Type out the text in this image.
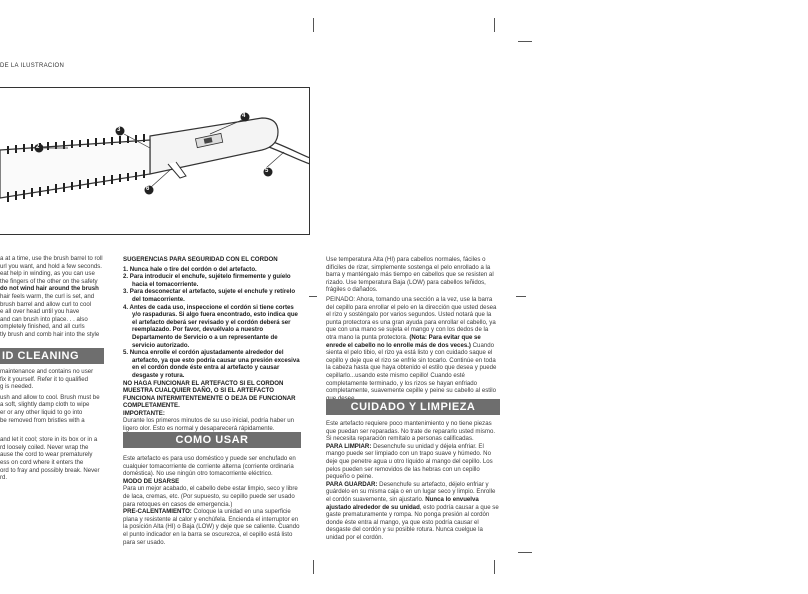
DE LA ILUSTRACION
2
3
4
5
6
a at a time, use the brush barrel to roll
url you want, and hold a few seconds.
eat help in winding, as you can use
the fingers of the other on the safety
do not wind hair around the brush
hair feels warm, the curl is set, and
brush barrel and allow curl to cool
e all over head until you have
and can brush into place. . . also
ompletely finished, and all curls
tly brush and comb hair into the style
ID CLEANING
maintenance and contains no user
fix it yourself. Refer it to qualified
g is needed.
ush and allow to cool. Brush must be
a soft, slightly damp cloth to wipe
er or any other liquid to go into
be removed from bristles with a
and let it cool; store in its box or in a
rd loosely coiled. Never wrap the
ause the cord to wear prematurely
ess on cord where it enters the
ord to fray and possibly break. Never
rd.
SUGERENCIAS PARA SEGURIDAD CON EL CORDON
1. Nunca hale o tire del cordón o del artefacto.
2. Para introducir el enchufe, sujételo firmemente y guíelo hacia el tomacorriente.
3. Para desconectar el artefacto, sujete el enchufe y retírelo del tomacorriente.
4. Antes de cada uso, inspeccione el cordón si tiene cortes y/o raspaduras. Si algo fuera encontrado, esto indica que el artefacto deberá ser revisado y el cordón deberá ser reemplazado. Por favor, devuélvalo a nuestro Departamento de Servicio o a un representante de servicio autorizado.
5. Nunca enrolle el cordón ajustadamente alrededor del artefacto, ya que esto podría causar una presión excesiva en el cordón donde éste entra al artefacto y causar desgaste y rotura.
NO HAGA FUNCIONAR EL ARTEFACTO SI EL CORDON MUESTRA CUALQUIER DAÑO, O SI EL ARTEFACTO FUNCIONA INTERMITENTEMENTE O DEJA DE FUNCIONAR COMPLETAMENTE.
IMPORTANTE:
Durante los primeros minutos de su uso inicial, podría haber un ligero olor. Esto es normal y desaparecerá rápidamente.
COMO USAR
Este artefacto es para uso doméstico y puede ser enchufado en cualquier tomacorriente de corriente alterna (corriente ordinaria doméstica). No use ningún otro tomacorriente eléctrico.
MODO DE USARSE
Para un mejor acabado, el cabello debe estar limpio, seco y libre de laca, cremas, etc. (Por supuesto, su cepillo puede ser usado para retoques en casos de emergencia.)
PRE-CALENTAMIENTO: Coloque la unidad en una superficie plana y resistente al calor y enchúfela. Encienda el interruptor en la posición Alta (HI) o Baja (LOW) y deje que se caliente. Cuando el punto indicador en la barra se oscurezca, el cepillo está listo para ser usado.
Use temperatura Alta (HI) para cabellos normales, fáciles o difíciles de rizar, simplemente sostenga el pelo enrollado a la barra y manténgalo más tiempo en cabellos que se resisten al rizado. Use temperatura Baja (LOW) para cabellos teñidos, frágiles o dañados.
PEINADO: Ahora, tomando una sección a la vez, use la barra del cepillo para enrollar el pelo en la dirección que usted desea el rizo y sosténgalo por varios segundos. Usted notará que la punta protectora es una gran ayuda para enrollar el cabello, ya que con una mano se sujeta el mango y con los dedos de la otra mano la punta protectora. (Nota: Para evitar que se enrede el cabello no lo enrolle más de dos veces.) Cuando sienta el pelo tibio, el rizo ya está listo y con cuidado saque el cepillo y deje que el rizo se enfríe sin tocarlo. Continúe en toda la cabeza hasta que haya obtenido el estilo que desea y puede cepillarlo...usando este mismo cepillo! Cuando esté completamente terminado, y los rizos se hayan enfriado completamente, suavemente cepille y peine su cabello al estilo
CUIDADO Y LIMPIEZA
Este artefacto requiere poco mantenimiento y no tiene piezas que puedan ser reparadas. No trate de repararlo usted mismo. Si necesita reparación remítalo a personas calificadas.
PARA LIMPIAR: Desenchufe su unidad y déjela enfriar. El mango puede ser limpiado con un trapo suave y húmedo. No deje que penetre agua u otro líquido al mango del cepillo. Los pelos pueden ser removidos de las hebras con un cepillo pequeño o peine.
PARA GUARDAR: Desenchufe su artefacto, déjelo enfriar y guárdelo en su misma caja o en un lugar seco y limpio. Enrolle el cordón suavemente, sin ajustarlo. Nunca lo envuelva ajustado alrededor de su unidad, esto podría causar a que se gaste prematuramente y rompa. No ponga presión al cordón donde éste entra al mango, ya que esto podría causar el desgaste del cordón y su posible rotura. Nunca cuelgue la unidad por el cordón.
